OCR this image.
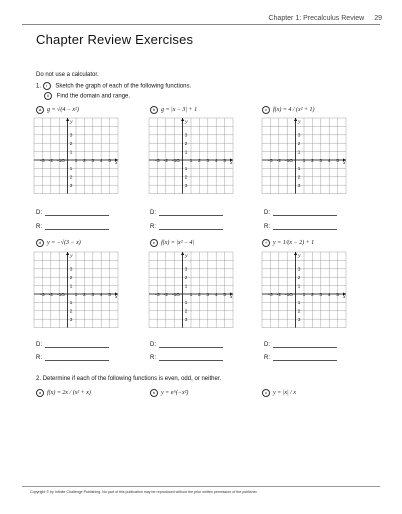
Chapter 1: Precalculus Review 29
Chapter Review Exercises
Do not use a calculator.
1. i Sketch the graph of each of the following functions.
ii Find the domain and range.
a g = √(4 − x²)	b g = |x − 3| + 1	c f(x) = 4 / (x² + 1)
-3 -2 -1 O 1 2 3 4 5
3
2
1
1
2
3
x
y
-3 -2 -1 O 1 2 3 4 5
3
2
1
1
2
3
x
y
-3 -2 -1 O 1 2 3 4 5
3
2
1
1
2
3
x
y
D:
R:
D:
R:
D:
R:
d y = −√(3 − x)	e f(x) = |x² − 4|	f y = 1/(x − 2) + 1
-3 -2 -1 O 1 2 3 4 5
3
2
1
1
2
3
x
y
-3 -2 -1 O 1 2 3 4 5
3
2
1
1
2
3
x
y
-3 -2 -1 O 1 2 3 4 5
3
2
1
1
2
3
x
y
D:
R:
D:
R:
D:
R:
2. Determine if each of the following functions is even, odd, or neither.
a f(x) = 2x / (x² + x)	b y = e^(−x²)	c y = |x| / x
Copyright © by Infinite Challenge Publishing. No part of this publication may be reproduced without the prior written permission of the publisher.
